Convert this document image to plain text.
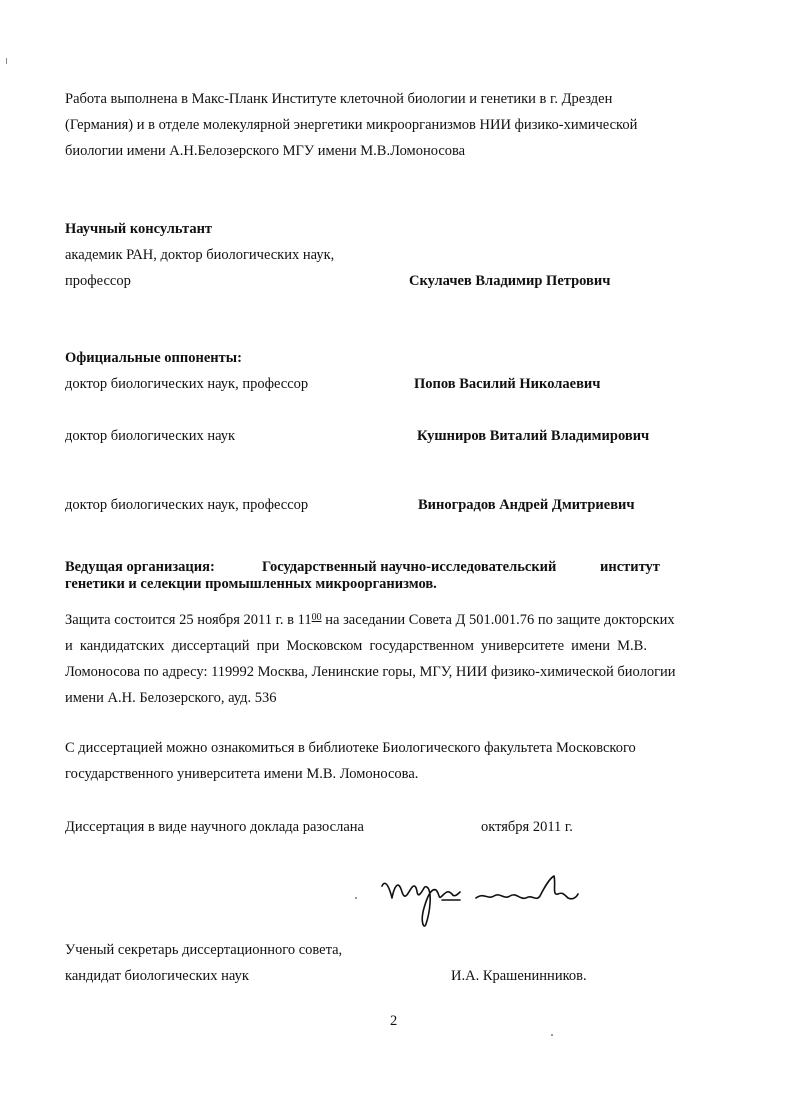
Работа выполнена в Макс-Планк Институте клеточной биологии и генетики в г. Дрезден
(Германия) и в отделе молекулярной энергетики микроорганизмов НИИ физико-химической
биологии имени А.Н.Белозерского МГУ имени М.В.Ломоносова
Научный консультант
академик РАН, доктор биологических наук,
профессор	Скулачев Владимир Петрович
Официальные оппоненты:
доктор биологических наук, профессор	Попов Василий Николаевич
доктор биологических наук	Кушниров Виталий Владимирович
доктор биологических наук, профессор	Виноградов Андрей Дмитриевич
Ведущая организация:	Государственный научно-исследовательский	институт
генетики и селекции промышленных микроорганизмов.
Защита состоится 25 ноября 2011 г. в $11^{00}$ на заседании Совета Д 501.001.76 по защите докторских
и кандидатских диссертаций при Московском государственном университете имени М.В.
Ломоносова по адресу: 119992 Москва, Ленинские горы, МГУ, НИИ физико-химической биологии
имени А.Н. Белозерского, ауд. 536
С диссертацией можно ознакомиться в библиотеке Биологического факультета Московского
государственного университета имени М.В. Ломоносова.
Диссертация в виде научного доклада разослана	октября 2011 г.
Ученый секретарь диссертационного совета,
кандидат биологических наук	И.А. Крашенинников.
2
